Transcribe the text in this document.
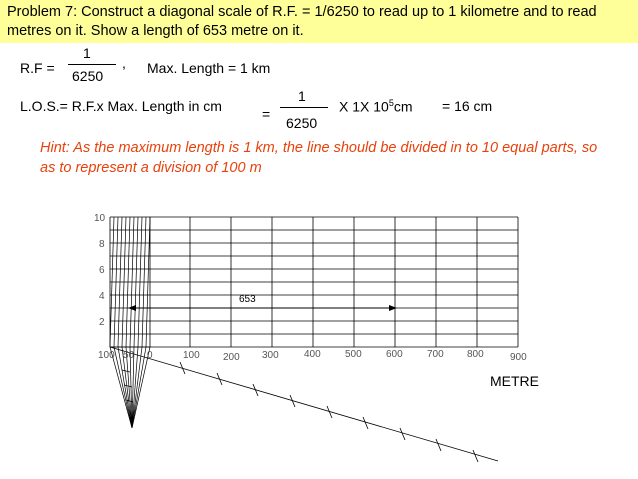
Problem 7: Construct a diagonal scale of R.F. = 1/6250 to read up to 1 kilometre and to read metres on it. Show a length of 653 metre on it.
R.F =
1
6250
, Max. Length = 1 km
L.O.S.= R.F.x Max. Length in cm	=
1
6250
X 1X $10^5cm = 16$ cm
Hint: As the maximum length is 1 km, the line should be divided in to 10 equal parts, so as to represent a division of 100 m
10
8
6
4
2
100 50 0	100 200 300	400 500 600 700 800	900
653
METRE
